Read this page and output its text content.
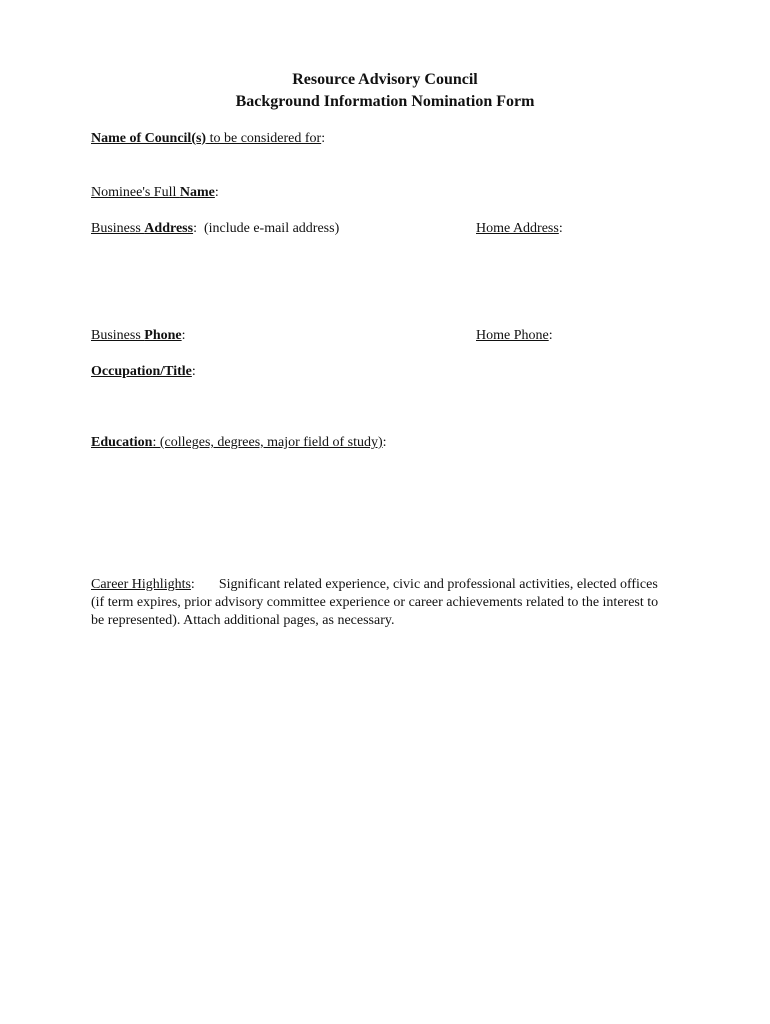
Resource Advisory Council
Background Information Nomination Form
Name of Council(s) to be considered for:
Nominee's Full Name:
Business Address:  (include e-mail address)	Home Address:
Business Phone:	Home Phone:
Occupation/Title:
Education: (colleges, degrees, major field of study):
Career Highlights: Significant related experience, civic and professional activities, elected offices (if term expires, prior advisory committee experience or career achievements related to the interest to be represented). Attach additional pages, as necessary.
